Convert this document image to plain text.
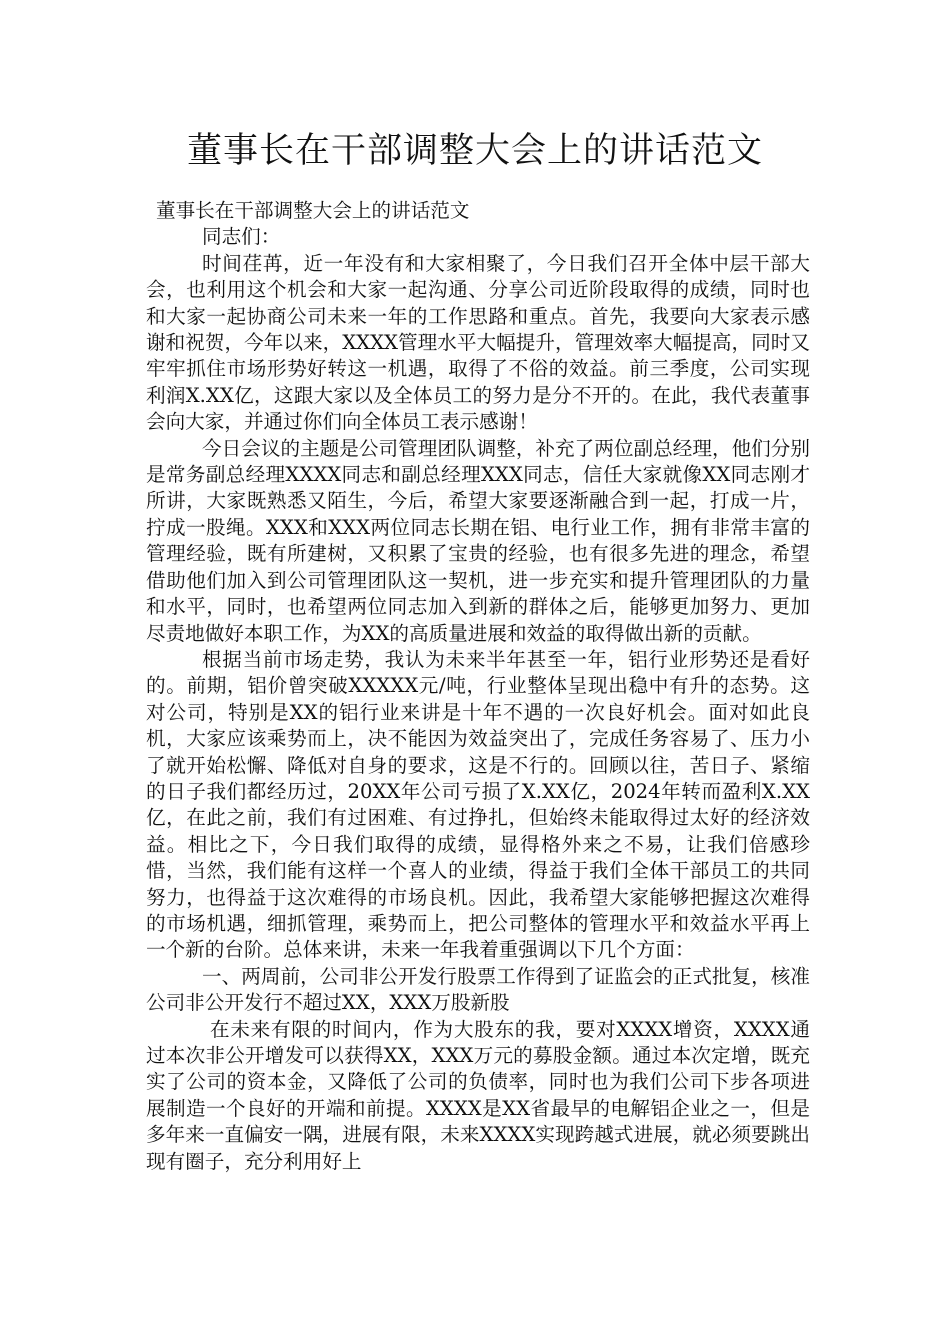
董事长在干部调整大会上的讲话范文

董事长在干部调整大会上的讲话范文

同志们：

时间荏苒，近一年没有和大家相聚了，今日我们召开全体中层干部大会，也利用这个机会和大家一起沟通、分享公司近阶段取得的成绩，同时也和大家一起协商公司未来一年的工作思路和重点。首先，我要向大家表示感谢和祝贺，今年以来，XXXX管理水平大幅提升，管理效率大幅提高，同时又牢牢抓住市场形势好转这一机遇，取得了不俗的效益。前三季度，公司实现利润X.XX亿，这跟大家以及全体员工的努力是分不开的。在此，我代表董事会向大家，并通过你们向全体员工表示感谢！

今日会议的主题是公司管理团队调整，补充了两位副总经理，他们分别是常务副总经理XXXX同志和副总经理XXX同志，信任大家就像XX同志刚才所讲，大家既熟悉又陌生，今后，希望大家要逐渐融合到一起，打成一片，拧成一股绳。XXX和XXX两位同志长期在铝、电行业工作，拥有非常丰富的管理经验，既有所建树，又积累了宝贵的经验，也有很多先进的理念，希望借助他们加入到公司管理团队这一契机，进一步充实和提升管理团队的力量和水平，同时，也希望两位同志加入到新的群体之后，能够更加努力、更加尽责地做好本职工作，为XX的高质量进展和效益的取得做出新的贡献。

根据当前市场走势，我认为未来半年甚至一年，铝行业形势还是看好的。前期，铝价曾突破XXXXX元/吨，行业整体呈现出稳中有升的态势。这对公司，特别是XX的铝行业来讲是十年不遇的一次良好机会。面对如此良机，大家应该乘势而上，决不能因为效益突出了，完成任务容易了、压力小了就开始松懈、降低对自身的要求，这是不行的。回顾以往，苦日子、紧缩的日子我们都经历过，20XX年公司亏损了X.XX亿，2024年转而盈利X.XX亿，在此之前，我们有过困难、有过挣扎，但始终未能取得过太好的经济效益。相比之下，今日我们取得的成绩，显得格外来之不易，让我们倍感珍惜，当然，我们能有这样一个喜人的业绩，得益于我们全体干部员工的共同努力，也得益于这次难得的市场良机。因此，我希望大家能够把握这次难得的市场机遇，细抓管理，乘势而上，把公司整体的管理水平和效益水平再上一个新的台阶。总体来讲，未来一年我着重强调以下几个方面：

一、两周前，公司非公开发行股票工作得到了证监会的正式批复，核准公司非公开发行不超过XX，XXX万股新股

在未来有限的时间内，作为大股东的我，要对XXXX增资，XXXX通过本次非公开增发可以获得XX，XXX万元的募股金额。通过本次定增，既充实了公司的资本金，又降低了公司的负债率，同时也为我们公司下步各项进展制造一个良好的开端和前提。XXXX是XX省最早的电解铝企业之一，但是多年来一直偏安一隅，进展有限，未来XXXX实现跨越式进展，就必须要跳出现有圈子，充分利用好上
